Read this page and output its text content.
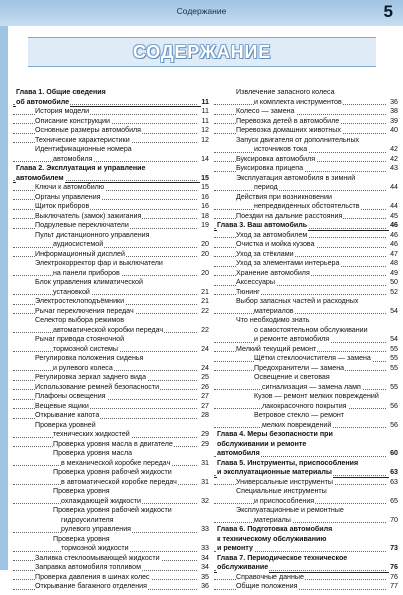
Содержание	5
СОДЕРЖАНИЕ
Глава 1. Общие сведения
об автомобиле	11
История модели	11
Описание конструкции	11
Основные размеры автомобиля	12
Технические характеристики	12
Идентификационные номера
автомобиля	14
Глава 2. Эксплуатация и управление
автомобилем	15
Ключи к автомобилю	15
Органы управления	16
Щиток приборов	16
Выключатель (замок) зажигания	18
Подрулевые переключатели	19
Пульт дистанционного управления
аудиосистемой	20
Информационный дисплей	20
Электрокорректор фар и выключатели
на панели приборов	20
Блок управления климатической
установкой	21
Электростеклоподъёмники	21
Рычаг переключения передач	22
Селектор выбора режимов
автоматической коробки передач	22
Рычаг привода стояночной
тормозной системы	24
Регулировка положения сиденья
и рулевого колеса	24
Регулировка зеркал заднего вида	25
Использование ремней безопасности	26
Плафоны освещения	27
Вещевые ящики	27
Открывание капота	28
Проверка уровней
технических жидкостей	29
Проверка уровня масла в двигателе	29
Проверка уровня масла
в механической коробке передач	31
Проверка уровня рабочей жидкости
в автоматической коробке передач	31
Проверка уровня
охлаждающей жидкости	32
Проверка уровня рабочей жидкости
гидроусилителя
рулевого управления	33
Проверка уровня
тормозной жидкости	33
Заливка стеклоомывающей жидкости	34
Заправка автомобиля топливом	34
Проверка давления в шинах колес	35
Открывание багажного отделения	36
Извлечение запасного колеса
и комплекта инструментов	36
Колесо — замена	38
Перевозка детей в автомобиле	39
Перевозка домашних животных	40
Запуск двигателя от дополнительных
источников тока	42
Буксировка автомобиля	42
Буксировка прицепа	43
Эксплуатация автомобиля в зимний
период	44
Действия при возникновении
непредвиденных обстоятельств	44
Поездки на дальние расстояния	45
Глава 3. Ваш автомобиль	46
Уход за автомобилем	46
Очистка и мойка кузова	46
Уход за стёклами	47
Уход за элементами интерьера	48
Хранение автомобиля	49
Аксессуары	50
Тюнинг	52
Выбор запасных частей и расходных
материалов	54
Что необходимо знать
о самостоятельном обслуживании
и ремонте автомобиля	54
Мелкий текущий ремонт	55
Щётки стеклоочистителя — замена	55
Предохранители — замена	55
Освещение и световая
сигнализация — замена ламп	55
Кузов — ремонт мелких повреждений
лакокрасочного покрытия	56
Ветровое стекло — ремонт
мелких повреждений	56
Глава 4. Меры безопасности при
обслуживании и ремонте
автомобиля	60
Глава 5. Инструменты, приспособления
и эксплуатационные материалы	63
Универсальные инструменты	63
Специальные инструменты
и приспособления	65
Эксплуатационные и ремонтные
материалы	70
Глава 6. Подготовка автомобиля
к техническому обслуживанию
и ремонту	73
Глава 7. Периодическое техническое
обслуживание	76
Справочные данные	76
Общие положения	77
